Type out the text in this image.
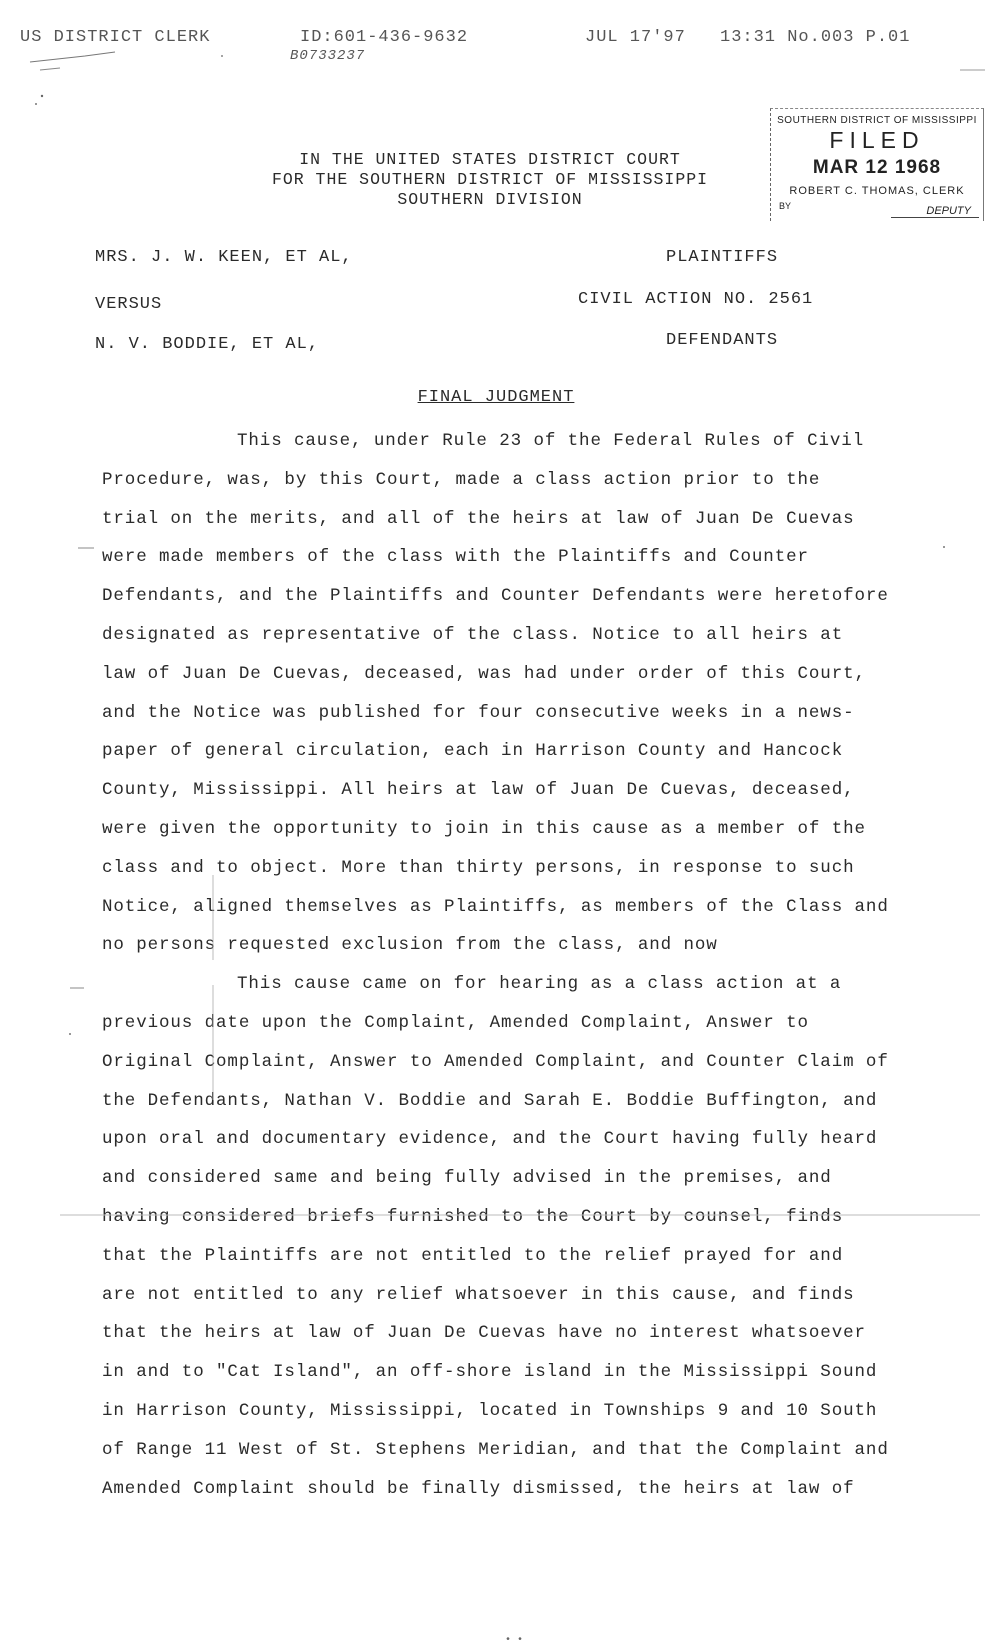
US DISTRICT CLERK	ID:601-436-9632	JUL 17'97 13:31 No.003 P.01
B0733237
SOUTHERN DISTRICT OF MISSISSIPPI
FILED
MAR 12 1968
ROBERT C. THOMAS, CLERK
BY	DEPUTY
IN THE UNITED STATES DISTRICT COURT
FOR THE SOUTHERN DISTRICT OF MISSISSIPPI
SOUTHERN DIVISION
MRS. J. W. KEEN, ET AL,	PLAINTIFFS
VERSUS	CIVIL ACTION NO. 2561
N. V. BODDIE, ET AL,	DEFENDANTS
FINAL JUDGMENT
This cause, under Rule 23 of the Federal Rules of Civil
Procedure, was, by this Court, made a class action prior to the
trial on the merits, and all of the heirs at law of Juan De Cuevas
were made members of the class with the Plaintiffs and Counter
Defendants, and the Plaintiffs and Counter Defendants were heretofore
designated as representative of the class. Notice to all heirs at
law of Juan De Cuevas, deceased, was had under order of this Court,
and the Notice was published for four consecutive weeks in a news-
paper of general circulation, each in Harrison County and Hancock
County, Mississippi. All heirs at law of Juan De Cuevas, deceased,
were given the opportunity to join in this cause as a member of the
class and to object. More than thirty persons, in response to such
Notice, aligned themselves as Plaintiffs, as members of the Class and
no persons requested exclusion from the class, and now
This cause came on for hearing as a class action at a
previous date upon the Complaint, Amended Complaint, Answer to
Original Complaint, Answer to Amended Complaint, and Counter Claim of
the Defendants, Nathan V. Boddie and Sarah E. Boddie Buffington, and
upon oral and documentary evidence, and the Court having fully heard
and considered same and being fully advised in the premises, and
having considered briefs furnished to the Court by counsel, finds
that the Plaintiffs are not entitled to the relief prayed for and
are not entitled to any relief whatsoever in this cause, and finds
that the heirs at law of Juan De Cuevas have no interest whatsoever
in and to "Cat Island", an off-shore island in the Mississippi Sound
in Harrison County, Mississippi, located in Townships 9 and 10 South
of Range 11 West of St. Stephens Meridian, and that the Complaint and
Amended Complaint should be finally dismissed, the heirs at law of
• •
